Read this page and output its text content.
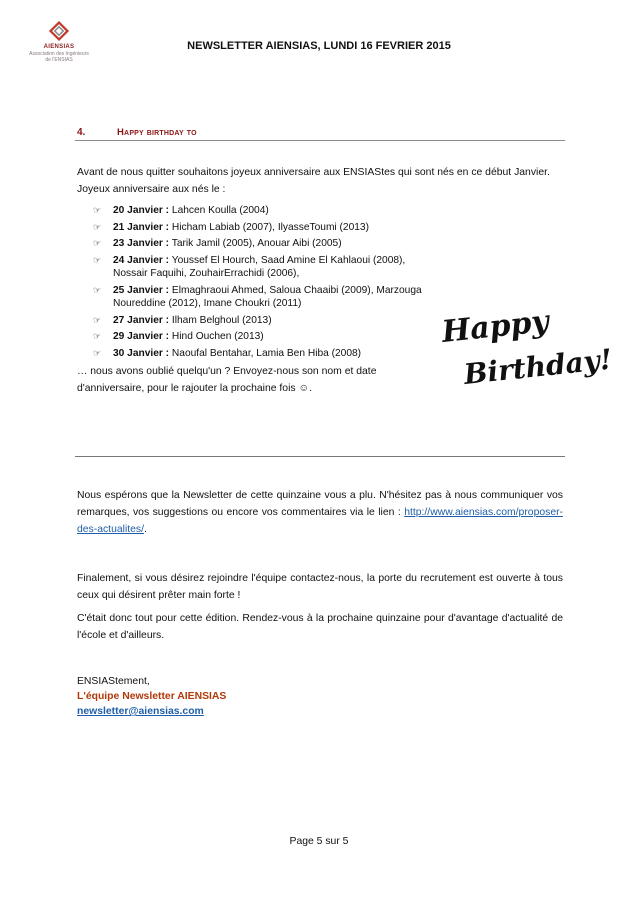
AIENSIAS
Association des Ingénieurs
de l'ENSIAS
NEWSLETTER AIENSIAS, LUNDI 16 FEVRIER 2015
4.	Happy birthday to
Avant de nous quitter souhaitons joyeux anniversaire aux ENSIAStes qui sont nés en ce début Janvier. Joyeux anniversaire aux nés le :
☞ 20 Janvier : Lahcen Koulla (2004)
☞ 21 Janvier : Hicham Labiab (2007), IlyasseToumi (2013)
☞ 23 Janvier : Tarik Jamil (2005), Anouar Aibi (2005)
☞ 24 Janvier : Youssef El Hourch, Saad Amine El Kahlaoui (2008), Nossair Faquihi, ZouhairErrachidi (2006),
☞ 25 Janvier : Elmaghraoui Ahmed, Saloua Chaaibi (2009), Marzouga Noureddine (2012), Imane Choukri (2011)
☞ 27 Janvier : Ilham Belghoul (2013)
☞ 29 Janvier : Hind Ouchen (2013)
☞ 30 Janvier : Naoufal Bentahar, Lamia Ben Hiba (2008)
… nous avons oublié quelqu'un ? Envoyez-nous son nom et date d'anniversaire, pour le rajouter la prochaine fois ☺.
Happy
Birthday!
Nous espérons que la Newsletter de cette quinzaine vous a plu. N'hésitez pas à nous communiquer vos remarques, vos suggestions ou encore vos commentaires via le lien : http://www.aiensias.com/proposer-des-actualites/.
Finalement, si vous désirez rejoindre l'équipe contactez-nous, la porte du recrutement est ouverte à tous ceux qui désirent prêter main forte !
C'était donc tout pour cette édition. Rendez-vous à la prochaine quinzaine pour d'avantage d'actualité de l'école et d'ailleurs.
ENSIAStement,
L'équipe Newsletter AIENSIAS
newsletter@aiensias.com
Page 5 sur 5
